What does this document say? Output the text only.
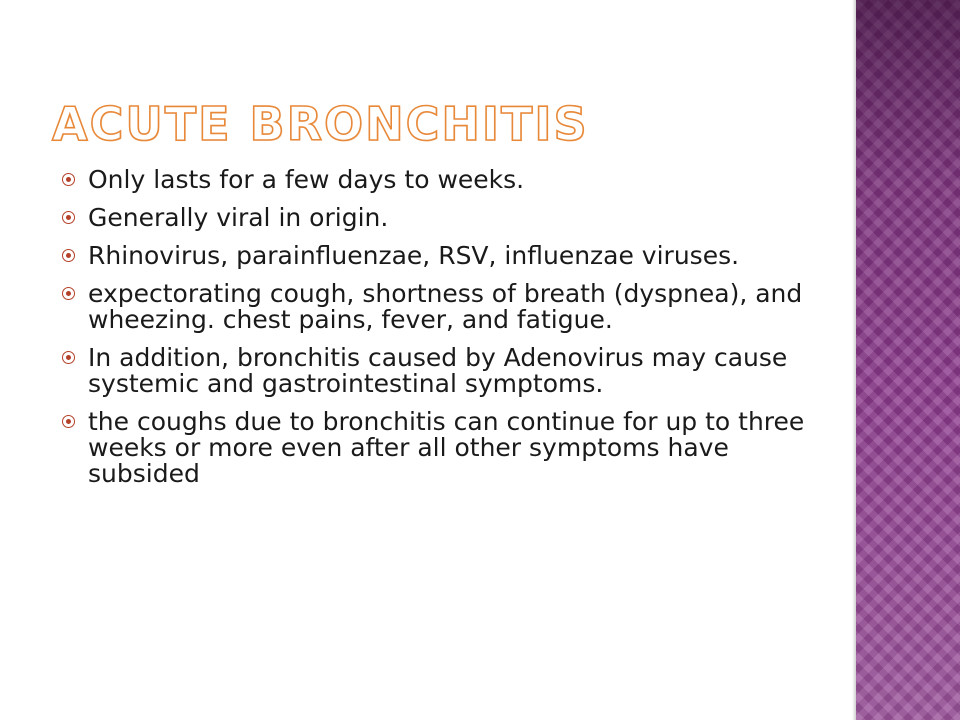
ACUTE BRONCHITIS
Only lasts for a few days to weeks.
Generally viral in origin.
Rhinovirus, parainfluenzae, RSV, influenzae viruses.
expectorating cough, shortness of breath (dyspnea), and wheezing. chest pains, fever, and fatigue.
In addition, bronchitis caused by Adenovirus may cause systemic and gastrointestinal symptoms.
the coughs due to bronchitis can continue for up to three weeks or more even after all other symptoms have subsided
